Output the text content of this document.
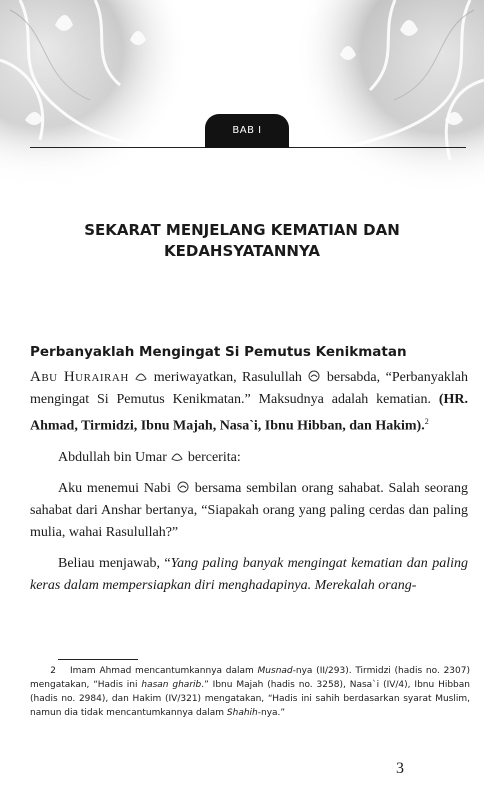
BAB I
SEKARAT MENJELANG KEMATIAN DAN
KEDAHSYATANNYA
Perbanyaklah Mengingat Si Pemutus Kenikmatan

Abu Hurairah meriwayatkan, Rasulullah bersabda, “Perbanyaklah mengingat Si Pemutus Kenikmatan.” Maksudnya adalah kematian. (HR. Ahmad, Tirmidzi, Ibnu Majah, Nasa`i, Ibnu Hibban, dan Hakim).$^2$

Abdullah bin Umar bercerita:

Aku menemui Nabi bersama sembilan orang sahabat. Salah seorang sahabat dari Anshar bertanya, “Siapakah orang yang paling cerdas dan paling mulia, wahai Rasulullah?”

Beliau menjawab, “Yang paling banyak mengingat kematian dan paling keras dalam mempersiapkan diri menghadapinya. Merekalah orang-

2 Imam Ahmad mencantumkannya dalam Musnad-nya (II/293). Tirmidzi (hadis no. 2307) mengatakan, “Hadis ini hasan gharib.” Ibnu Majah (hadis no. 3258), Nasa`i (IV/4), Ibnu Hibban (hadis no. 2984), dan Hakim (IV/321) mengatakan, “Hadis ini sahih berdasarkan syarat Muslim, namun dia tidak mencantumkannya dalam Shahih-nya.”
3
